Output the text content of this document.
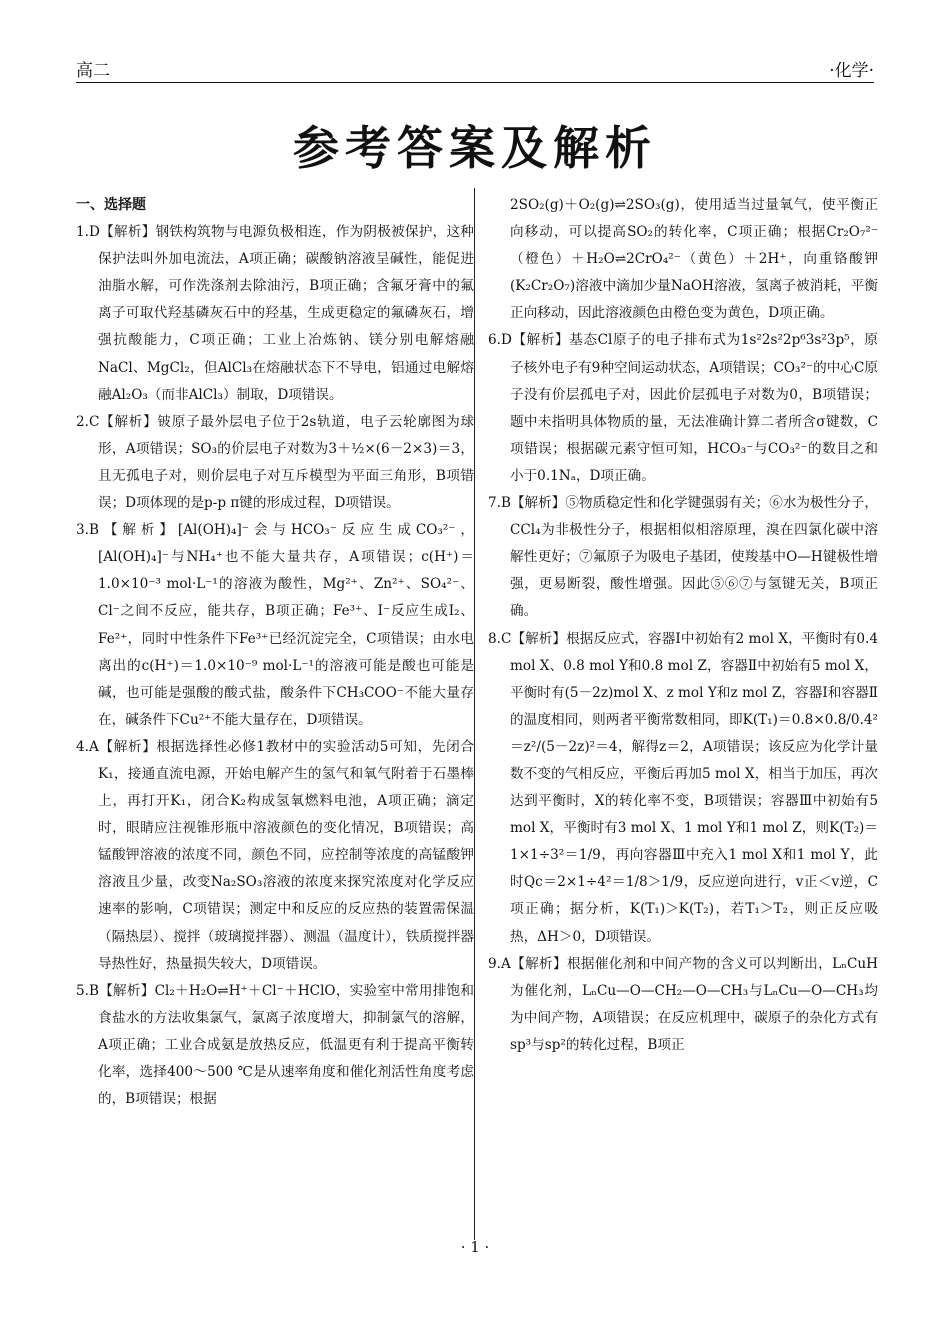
高二	·化学·
参考答案及解析
一、选择题
1.D【解析】钢铁构筑物与电源负极相连，作为阴极被保护，这种保护法叫外加电流法，A项正确；碳酸钠溶液呈碱性，能促进油脂水解，可作洗涤剂去除油污，B项正确；含氟牙膏中的氟离子可取代羟基磷灰石中的羟基，生成更稳定的氟磷灰石，增强抗酸能力，C项正确；工业上冶炼钠、镁分别电解熔融NaCl、MgCl₂，但AlCl₃在熔融状态下不导电，铝通过电解熔融Al₂O₃（而非AlCl₃）制取，D项错误。
2.C【解析】铍原子最外层电子位于2s轨道，电子云轮廓图为球形，A项错误；SO₃的价层电子对数为3＋½×(6－2×3)＝3，且无孤电子对，则价层电子对互斥模型为平面三角形，B项错误；D项体现的是p-p π键的形成过程，D项错误。
3.B【解析】[Al(OH)₄]⁻会与HCO₃⁻反应生成CO₃²⁻，[Al(OH)₄]⁻与NH₄⁺也不能大量共存，A项错误；c(H⁺)＝1.0×10⁻³ mol·L⁻¹的溶液为酸性，Mg²⁺、Zn²⁺、SO₄²⁻、Cl⁻之间不反应，能共存，B项正确；Fe³⁺、I⁻反应生成I₂、Fe²⁺，同时中性条件下Fe³⁺已经沉淀完全，C项错误；由水电离出的c(H⁺)＝1.0×10⁻⁹ mol·L⁻¹的溶液可能是酸也可能是碱，也可能是强酸的酸式盐，酸条件下CH₃COO⁻不能大量存在，碱条件下Cu²⁺不能大量存在，D项错误。
4.A【解析】根据选择性必修1教材中的实验活动5可知，先闭合K₁，接通直流电源，开始电解产生的氢气和氧气附着于石墨棒上，再打开K₁，闭合K₂构成氢氧燃料电池，A项正确；滴定时，眼睛应注视锥形瓶中溶液颜色的变化情况，B项错误；高锰酸钾溶液的浓度不同，颜色不同，应控制等浓度的高锰酸钾溶液且少量，改变Na₂SO₃溶液的浓度来探究浓度对化学反应速率的影响，C项错误；测定中和反应的反应热的装置需保温（隔热层）、搅拌（玻璃搅拌器）、测温（温度计），铁质搅拌器导热性好，热量损失较大，D项错误。
5.B【解析】Cl₂＋H₂O⇌H⁺＋Cl⁻＋HClO，实验室中常用排饱和食盐水的方法收集氯气，氯离子浓度增大，抑制氯气的溶解，A项正确；工业合成氨是放热反应，低温更有利于提高平衡转化率，选择400～500 ℃是从速率角度和催化剂活性角度考虑的，B项错误；根据
2SO₂(g)＋O₂(g)⇌2SO₃(g)，使用适当过量氧气，使平衡正向移动，可以提高SO₂的转化率，C项正确；根据Cr₂O₇²⁻（橙色）＋H₂O⇌2CrO₄²⁻（黄色）＋2H⁺，向重铬酸钾(K₂Cr₂O₇)溶液中滴加少量NaOH溶液，氢离子被消耗，平衡正向移动，因此溶液颜色由橙色变为黄色，D项正确。
6.D【解析】基态Cl原子的电子排布式为1s²2s²2p⁶3s²3p⁵，原子核外电子有9种空间运动状态，A项错误；CO₃²⁻的中心C原子没有价层孤电子对，因此价层孤电子对数为0，B项错误；题中未指明具体物质的量，无法准确计算二者所含σ键数，C项错误；根据碳元素守恒可知，HCO₃⁻与CO₃²⁻的数目之和小于0.1Nₐ，D项正确。
7.B【解析】⑤物质稳定性和化学键强弱有关；⑥水为极性分子，CCl₄为非极性分子，根据相似相溶原理，溴在四氯化碳中溶解性更好；⑦氟原子为吸电子基团，使羧基中O—H键极性增强，更易断裂，酸性增强。因此⑤⑥⑦与氢键无关，B项正确。
8.C【解析】根据反应式，容器Ⅰ中初始有2 mol X，平衡时有0.4 mol X、0.8 mol Y和0.8 mol Z，容器Ⅱ中初始有5 mol X，平衡时有(5－2z)mol X、z mol Y和z mol Z，容器Ⅰ和容器Ⅱ的温度相同，则两者平衡常数相同，即K(T₁)＝0.8×0.8/0.4²＝z²/(5－2z)²＝4，解得z＝2，A项错误；该反应为化学计量数不变的气相反应，平衡后再加5 mol X，相当于加压，再次达到平衡时，X的转化率不变，B项错误；容器Ⅲ中初始有5 mol X，平衡时有3 mol X、1 mol Y和1 mol Z，则K(T₂)＝1×1÷3²＝1/9，再向容器Ⅲ中充入1 mol X和1 mol Y，此时Qc＝2×1÷4²＝1/8＞1/9，反应逆向进行，v正＜v逆，C项正确；据分析，K(T₁)＞K(T₂)，若T₁＞T₂，则正反应吸热，ΔH＞0，D项错误。
9.A【解析】根据催化剂和中间产物的含义可以判断出，LₙCuH为催化剂，LₙCu—O—CH₂—O—CH₃与LₙCu—O—CH₃均为中间产物，A项错误；在反应机理中，碳原子的杂化方式有sp³与sp²的转化过程，B项正
· 1 ·
